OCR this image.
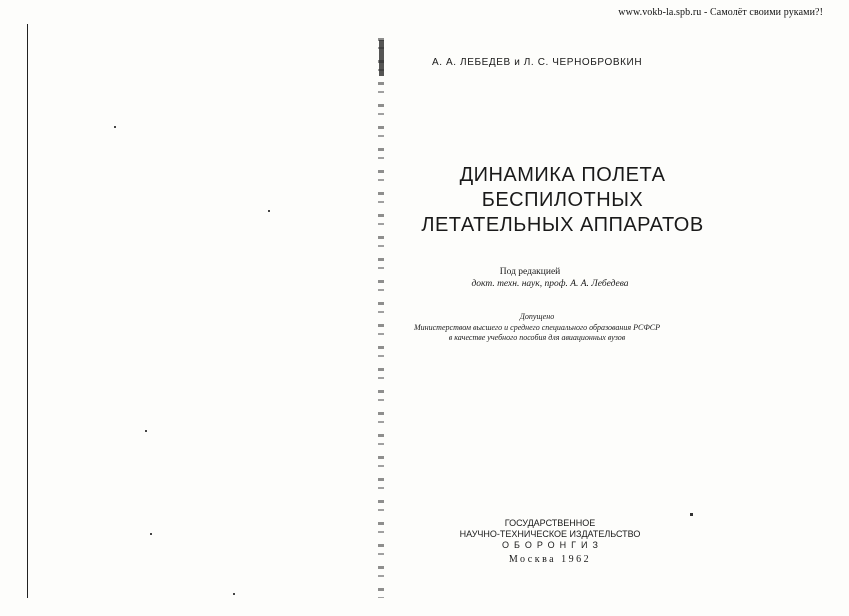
www.vokb-la.spb.ru - Самолёт своими руками?!
А. А. ЛЕБЕДЕВ и Л. С. ЧЕРНОБРОВКИН
ДИНАМИКА ПОЛЕТА
БЕСПИЛОТНЫХ
ЛЕТАТЕЛЬНЫХ АППАРАТОВ
Под редакцией
докт. техн. наук, проф. А. А. Лебедева
Допущено
Министерством высшего и среднего специального образования РСФСР
в качестве учебного пособия для авиационных вузов
ГОСУДАРСТВЕННОЕ
НАУЧНО-ТЕХНИЧЕСКОЕ ИЗДАТЕЛЬСТВО
ОБОРОНГИЗ
Москва 1962
